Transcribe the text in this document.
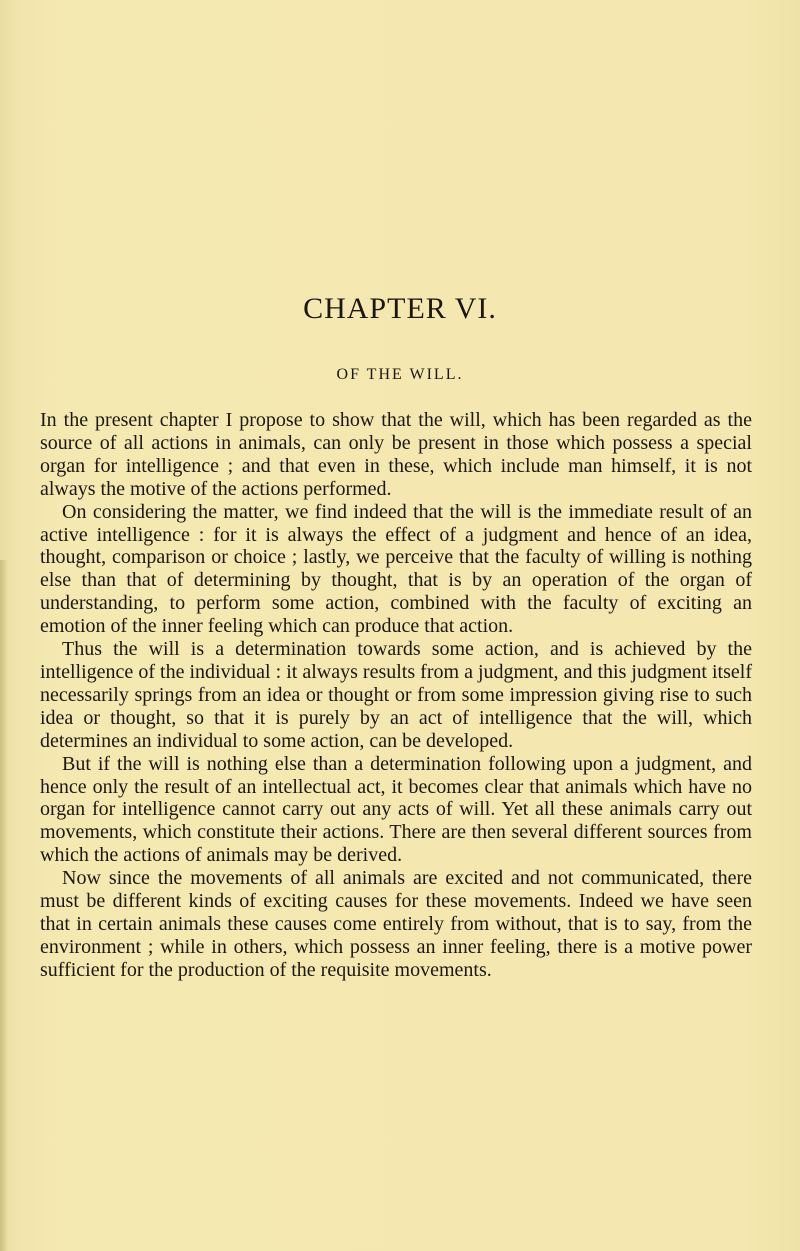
CHAPTER VI.
OF THE WILL.

In the present chapter I propose to show that the will, which has been regarded as the source of all actions in animals, can only be present in those which possess a special organ for intelligence ; and that even in these, which include man himself, it is not always the motive of the actions performed.

On considering the matter, we find indeed that the will is the immediate result of an active intelligence : for it is always the effect of a judgment and hence of an idea, thought, comparison or choice ; lastly, we perceive that the faculty of willing is nothing else than that of determining by thought, that is by an operation of the organ of understanding, to perform some action, combined with the faculty of exciting an emotion of the inner feeling which can produce that action.

Thus the will is a determination towards some action, and is achieved by the intelligence of the individual : it always results from a judgment, and this judgment itself necessarily springs from an idea or thought or from some impression giving rise to such idea or thought, so that it is purely by an act of intelligence that the will, which determines an individual to some action, can be developed.

But if the will is nothing else than a determination following upon a judgment, and hence only the result of an intellectual act, it becomes clear that animals which have no organ for intelligence cannot carry out any acts of will. Yet all these animals carry out movements, which constitute their actions. There are then several different sources from which the actions of animals may be derived.

Now since the movements of all animals are excited and not communicated, there must be different kinds of exciting causes for these movements. Indeed we have seen that in certain animals these causes come entirely from without, that is to say, from the environment ; while in others, which possess an inner feeling, there is a motive power sufficient for the production of the requisite movements.
